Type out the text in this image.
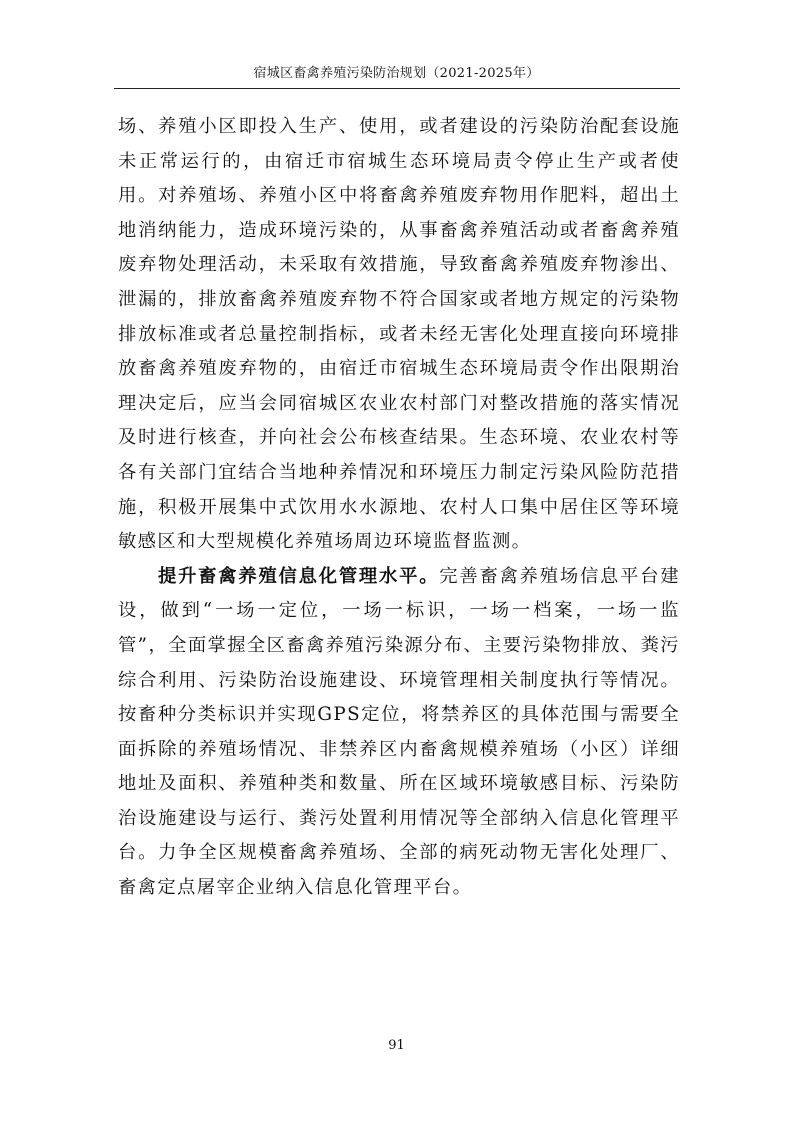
宿城区畜禽养殖污染防治规划（2021-2025年）

场、养殖小区即投入生产、使用，或者建设的污染防治配套设施未正常运行的，由宿迁市宿城生态环境局责令停止生产或者使用。对养殖场、养殖小区中将畜禽养殖废弃物用作肥料，超出土地消纳能力，造成环境污染的，从事畜禽养殖活动或者畜禽养殖废弃物处理活动，未采取有效措施，导致畜禽养殖废弃物渗出、泄漏的，排放畜禽养殖废弃物不符合国家或者地方规定的污染物排放标准或者总量控制指标，或者未经无害化处理直接向环境排放畜禽养殖废弃物的，由宿迁市宿城生态环境局责令作出限期治理决定后，应当会同宿城区农业农村部门对整改措施的落实情况及时进行核查，并向社会公布核查结果。生态环境、农业农村等各有关部门宜结合当地种养情况和环境压力制定污染风险防范措施，积极开展集中式饮用水水源地、农村人口集中居住区等环境敏感区和大型规模化养殖场周边环境监督监测。

提升畜禽养殖信息化管理水平。完善畜禽养殖场信息平台建设，做到“一场一定位，一场一标识，一场一档案，一场一监管”，全面掌握全区畜禽养殖污染源分布、主要污染物排放、粪污综合利用、污染防治设施建设、环境管理相关制度执行等情况。按畜种分类标识并实现GPS定位，将禁养区的具体范围与需要全面拆除的养殖场情况、非禁养区内畜禽规模养殖场（小区）详细地址及面积、养殖种类和数量、所在区域环境敏感目标、污染防治设施建设与运行、粪污处置利用情况等全部纳入信息化管理平台。力争全区规模畜禽养殖场、全部的病死动物无害化处理厂、畜禽定点屠宰企业纳入信息化管理平台。

91
